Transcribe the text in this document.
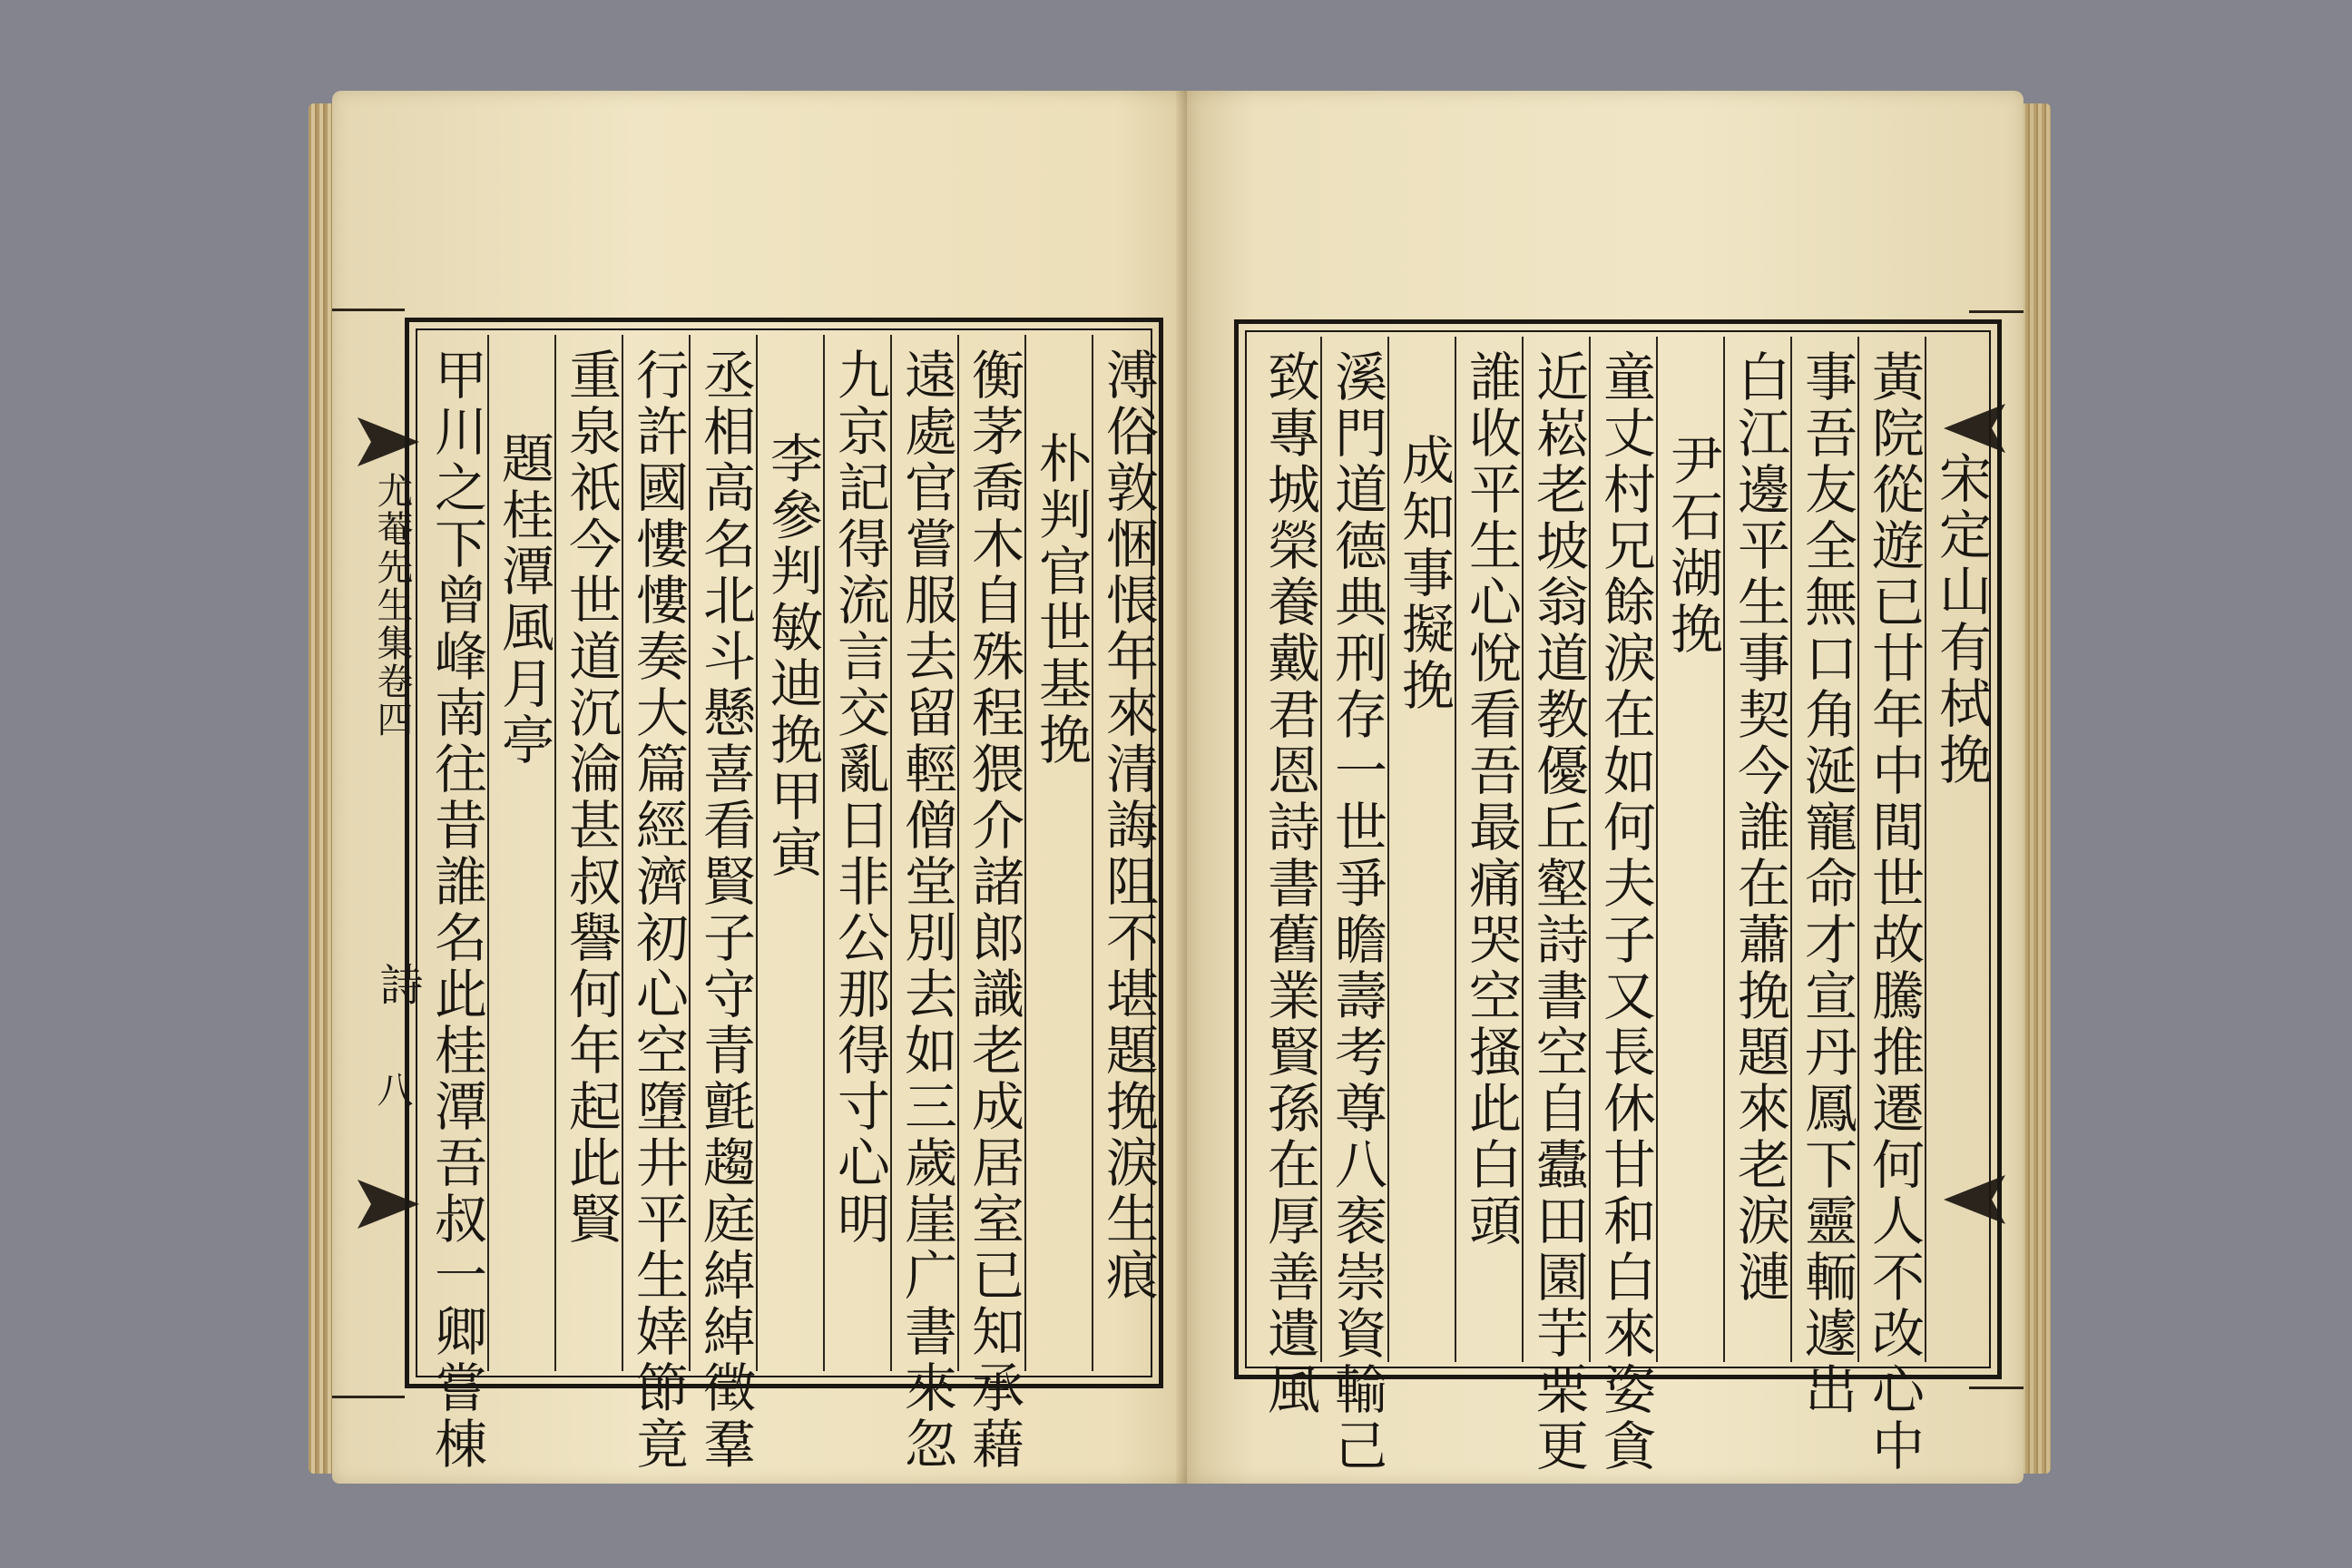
尤菴先生集卷四
詩
八	溥俗敦悃悵年來清誨阻不堪題挽淚生痕
朴判官世基挽
衡茅喬木自殊程猥介諸郎識老成居室已知承藉
遠處官嘗服去留輕僧堂別去如三歲崖广書來忽
九京記得流言交亂日非公那得寸心明
李參判敏迪挽甲寅
丞相高名北斗懸喜看賢子守青氈趨庭綽綽徵羣
行許國慺慺奏大篇經濟初心空墮井平生婞節竟
重泉祇今世道沉淪甚叔譽何年起此賢
題桂潭風月亭
甲川之下曾峰南往昔誰名此桂潭吾叔一卿嘗棟	宋定山有栻挽
黃院從遊已廿年中間世故騰推遷何人不改心中
事吾友全無口角涎寵命才宣丹鳳下靈輀遽出
白江邊平生事契今誰在蕭挽題來老淚漣
尹石湖挽
童丈村兄餘淚在如何夫子又長休甘和白來姿貪
近崧老坡翁道教優丘壑詩書空自蠹田園芋栗更
誰收平生心悅看吾最痛哭空搔此白頭
成知事擬挽
溪門道德典刑存一世爭瞻壽考尊八袠崇資輸己
致專城榮養戴君恩詩書舊業賢孫在厚善遺風
